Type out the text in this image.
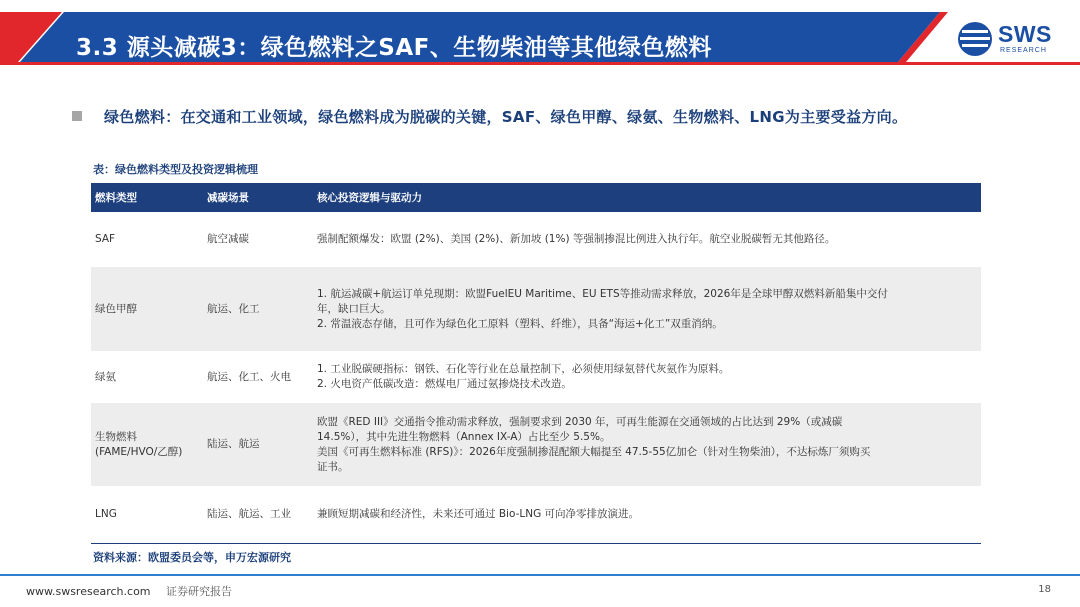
3.3 源头减碳3：绿色燃料之SAF、生物柴油等其他绿色燃料
SWS
RESEARCH
绿色燃料：在交通和工业领域，绿色燃料成为脱碳的关键，SAF、绿色甲醇、绿氨、生物燃料、LNG为主要受益方向。
表：绿色燃料类型及投资逻辑梳理
燃料类型	减碳场景	核心投资逻辑与驱动力
SAF	航空减碳	强制配额爆发：欧盟 (2%)、美国 (2%)、新加坡 (1%) 等强制掺混比例进入执行年。航空业脱碳暂无其他路径。

绿色甲醇	航运、化工	1. 航运减碳+航运订单兑现期：欧盟FuelEU Maritime、EU ETS等推动需求释放，2026年是全球甲醇双燃料新船集中交付
年，缺口巨大。
2. 常温液态存储，且可作为绿色化工原料（塑料、纤维），具备“海运+化工”双重消纳。

绿氨	航运、化工、火电	1. 工业脱碳硬指标：钢铁、石化等行业在总量控制下，必须使用绿氨替代灰氨作为原料。
2. 火电资产低碳改造：燃煤电厂通过氨掺烧技术改造。

生物燃料 (FAME/HVO/乙醇)	陆运、航运	欧盟《RED III》交通指令推动需求释放，强制要求到 2030 年，可再生能源在交通领域的占比达到 29%（或减碳
14.5%），其中先进生物燃料（Annex IX-A）占比至少 5.5%。
美国《可再生燃料标准 (RFS)》：2026年度强制掺混配额大幅提至 47.5-55亿加仑（针对生物柴油），不达标炼厂须购买
证书。

LNG	陆运、航运、工业	兼顾短期减碳和经济性，未来还可通过 Bio-LNG 可向净零排放演进。
资料来源：欧盟委员会等，申万宏源研究
www.swsresearch.com 证券研究报告	18
